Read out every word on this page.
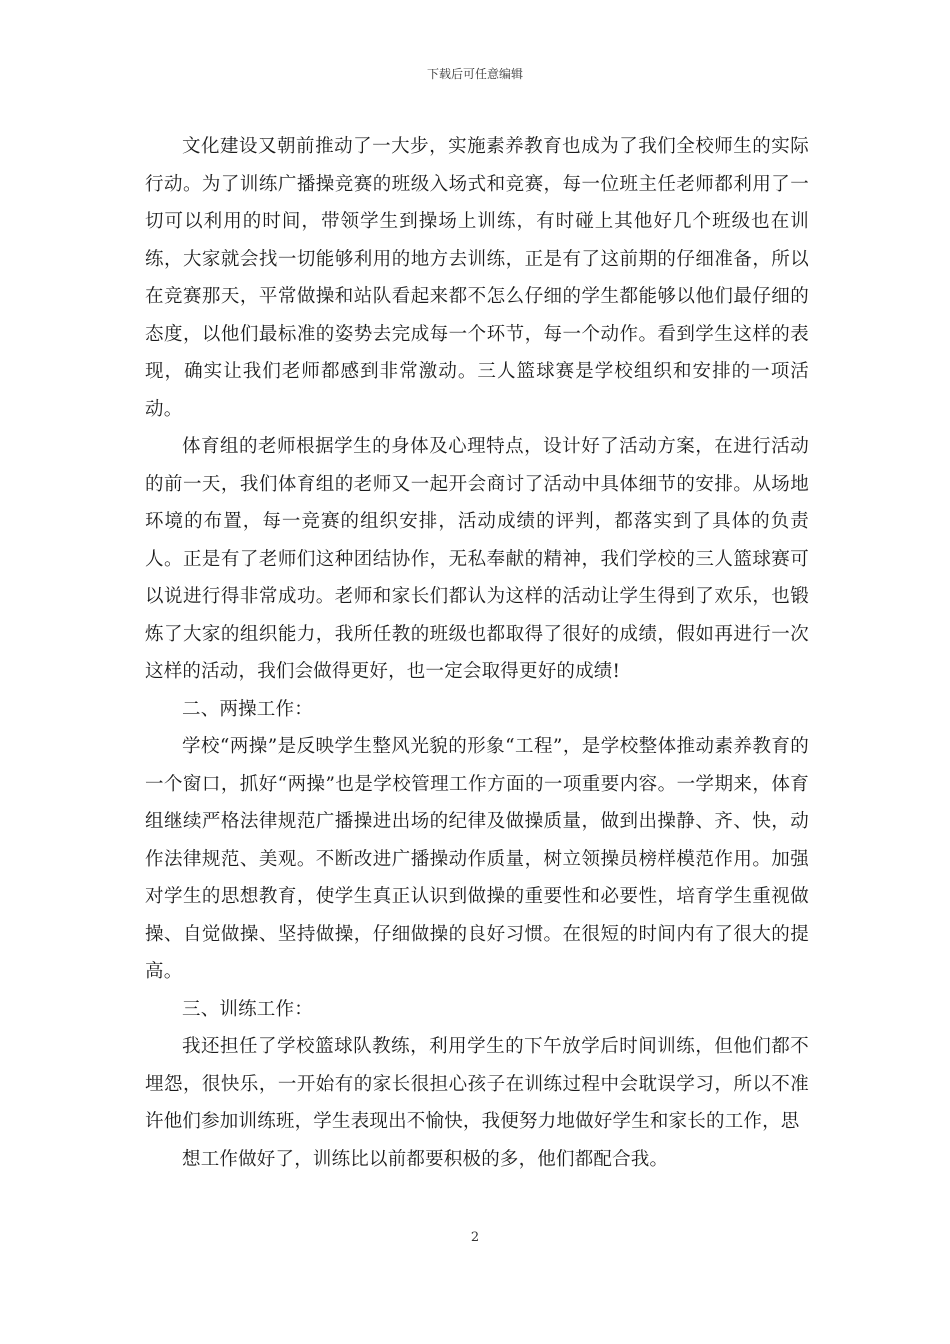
下载后可任意编辑

文化建设又朝前推动了一大步，实施素养教育也成为了我们全校师生的实际行动。为了训练广播操竞赛的班级入场式和竞赛，每一位班主任老师都利用了一切可以利用的时间，带领学生到操场上训练，有时碰上其他好几个班级也在训练，大家就会找一切能够利用的地方去训练，正是有了这前期的仔细准备，所以在竞赛那天，平常做操和站队看起来都不怎么仔细的学生都能够以他们最仔细的态度，以他们最标准的姿势去完成每一个环节，每一个动作。看到学生这样的表现，确实让我们老师都感到非常激动。三人篮球赛是学校组织和安排的一项活动。

体育组的老师根据学生的身体及心理特点，设计好了活动方案，在进行活动的前一天，我们体育组的老师又一起开会商讨了活动中具体细节的安排。从场地环境的布置，每一竞赛的组织安排，活动成绩的评判，都落实到了具体的负责人。正是有了老师们这种团结协作，无私奉献的精神，我们学校的三人篮球赛可以说进行得非常成功。老师和家长们都认为这样的活动让学生得到了欢乐，也锻炼了大家的组织能力，我所任教的班级也都取得了很好的成绩，假如再进行一次这样的活动，我们会做得更好，也一定会取得更好的成绩!

二、两操工作：

学校“两操”是反映学生整风光貌的形象“工程”，是学校整体推动素养教育的一个窗口，抓好“两操”也是学校管理工作方面的一项重要内容。一学期来，体育组继续严格法律规范广播操进出场的纪律及做操质量，做到出操静、齐、快，动作法律规范、美观。不断改进广播操动作质量，树立领操员榜样模范作用。加强对学生的思想教育，使学生真正认识到做操的重要性和必要性，培育学生重视做操、自觉做操、坚持做操，仔细做操的良好习惯。在很短的时间内有了很大的提高。

三、训练工作：

我还担任了学校篮球队教练，利用学生的下午放学后时间训练，但他们都不埋怨，很快乐，一开始有的家长很担心孩子在训练过程中会耽误学习，所以不准许他们参加训练班，学生表现出不愉快，我便努力地做好学生和家长的工作，思

想工作做好了，训练比以前都要积极的多，他们都配合我。

2
